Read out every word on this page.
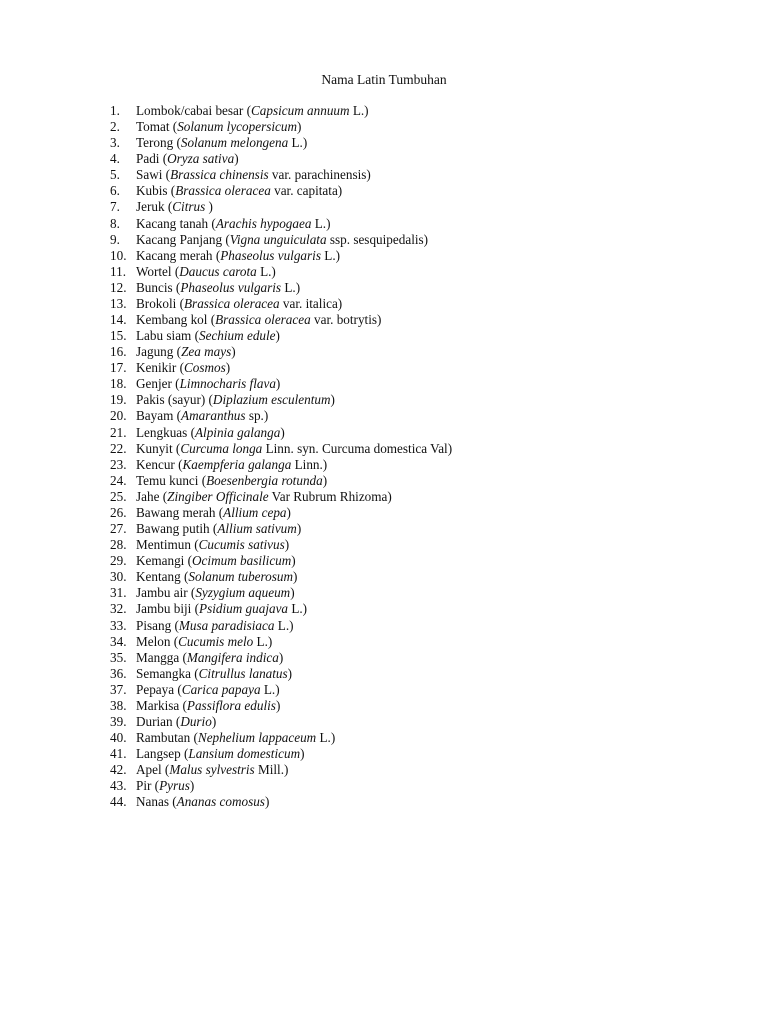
Nama Latin Tumbuhan
1. Lombok/cabai besar (Capsicum annuum L.)
2. Tomat (Solanum lycopersicum)
3. Terong (Solanum melongena L.)
4. Padi (Oryza sativa)
5. Sawi (Brassica chinensis var. parachinensis)
6. Kubis (Brassica oleracea var. capitata)
7. Jeruk (Citrus )
8. Kacang tanah (Arachis hypogaea L.)
9. Kacang Panjang (Vigna unguiculata ssp. sesquipedalis)
10. Kacang merah (Phaseolus vulgaris L.)
11. Wortel (Daucus carota L.)
12. Buncis (Phaseolus vulgaris L.)
13. Brokoli (Brassica oleracea var. italica)
14. Kembang kol (Brassica oleracea var. botrytis)
15. Labu siam (Sechium edule)
16. Jagung (Zea mays)
17. Kenikir (Cosmos)
18. Genjer (Limnocharis flava)
19. Pakis (sayur) (Diplazium esculentum)
20. Bayam (Amaranthus sp.)
21. Lengkuas (Alpinia galanga)
22. Kunyit (Curcuma longa Linn. syn. Curcuma domestica Val)
23. Kencur (Kaempferia galanga Linn.)
24. Temu kunci (Boesenbergia rotunda)
25. Jahe (Zingiber Officinale Var Rubrum Rhizoma)
26. Bawang merah (Allium cepa)
27. Bawang putih (Allium sativum)
28. Mentimun (Cucumis sativus)
29. Kemangi (Ocimum basilicum)
30. Kentang (Solanum tuberosum)
31. Jambu air (Syzygium aqueum)
32. Jambu biji (Psidium guajava L.)
33. Pisang (Musa paradisiaca L.)
34. Melon (Cucumis melo L.)
35. Mangga (Mangifera indica)
36. Semangka (Citrullus lanatus)
37. Pepaya (Carica papaya L.)
38. Markisa (Passiflora edulis)
39. Durian (Durio)
40. Rambutan (Nephelium lappaceum L.)
41. Langsep (Lansium domesticum)
42. Apel (Malus sylvestris Mill.)
43. Pir (Pyrus)
44. Nanas (Ananas comosus)
